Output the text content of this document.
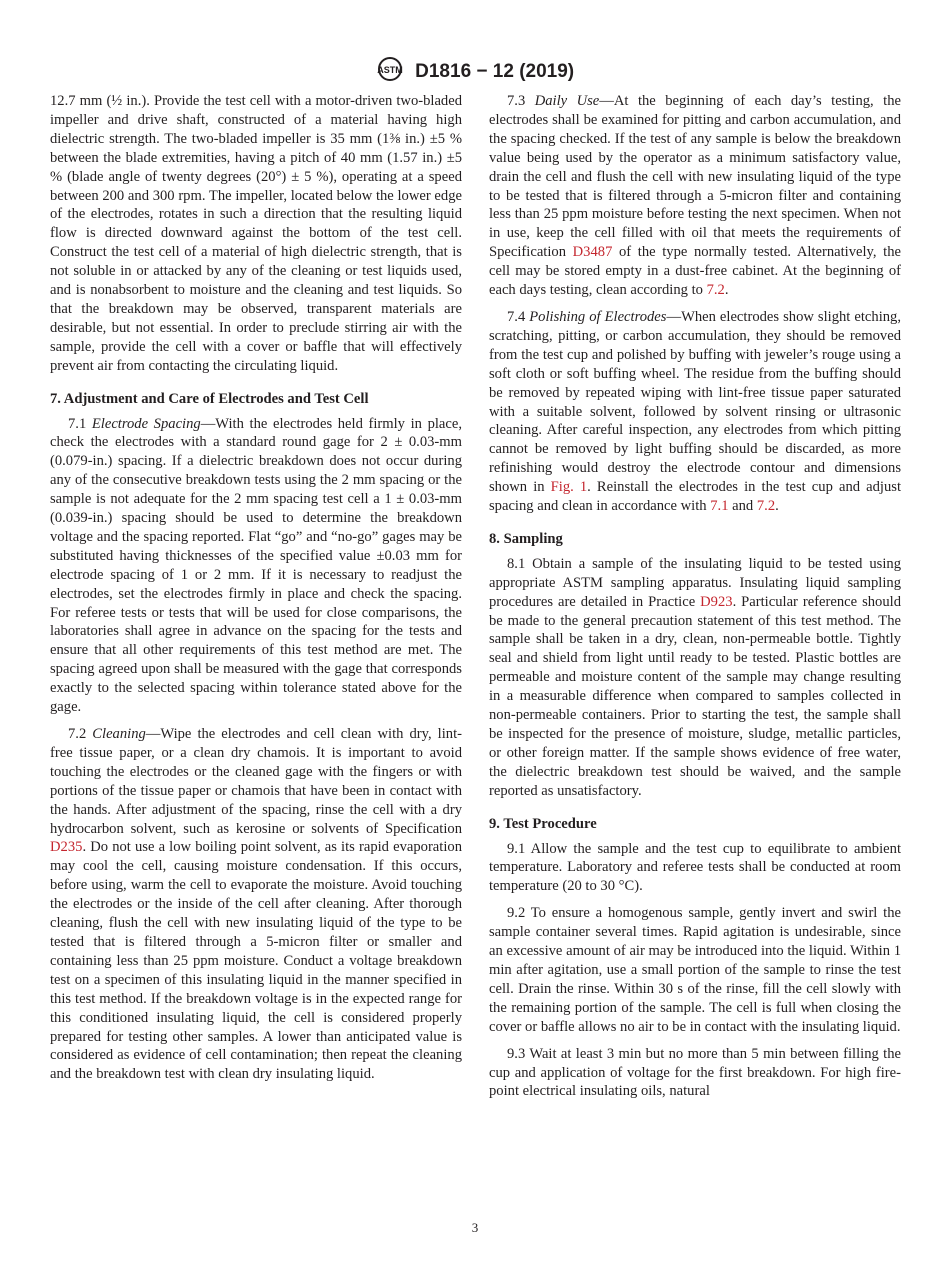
ASTM D1816 − 12 (2019)

12.7 mm (½ in.). Provide the test cell with a motor-driven two-bladed impeller and drive shaft, constructed of a material having high dielectric strength. The two-bladed impeller is 35 mm (1⅜ in.) ±5 % between the blade extremities, having a pitch of 40 mm (1.57 in.) ±5 % (blade angle of twenty degrees (20°) ± 5 %), operating at a speed between 200 and 300 rpm. The impeller, located below the lower edge of the electrodes, rotates in such a direction that the resulting liquid flow is directed downward against the bottom of the test cell. Construct the test cell of a material of high dielectric strength, that is not soluble in or attacked by any of the cleaning or test liquids used, and is nonabsorbent to moisture and the cleaning and test liquids. So that the breakdown may be observed, transparent materials are desirable, but not essential. In order to preclude stirring air with the sample, provide the cell with a cover or baffle that will effectively prevent air from contacting the circulating liquid.

7. Adjustment and Care of Electrodes and Test Cell

7.1 Electrode Spacing—With the electrodes held firmly in place, check the electrodes with a standard round gage for 2 ± 0.03-mm (0.079-in.) spacing. If a dielectric breakdown does not occur during any of the consecutive breakdown tests using the 2 mm spacing or the sample is not adequate for the 2 mm spacing test cell a 1 ± 0.03-mm (0.039-in.) spacing should be used to determine the breakdown voltage and the spacing reported. Flat “go” and “no-go” gages may be substituted having thicknesses of the specified value ±0.03 mm for electrode spacing of 1 or 2 mm. If it is necessary to readjust the electrodes, set the electrodes firmly in place and check the spacing. For referee tests or tests that will be used for close comparisons, the laboratories shall agree in advance on the spacing for the tests and ensure that all other requirements of this test method are met. The spacing agreed upon shall be measured with the gage that corresponds exactly to the selected spacing within tolerance stated above for the gage.

7.2 Cleaning—Wipe the electrodes and cell clean with dry, lint-free tissue paper, or a clean dry chamois. It is important to avoid touching the electrodes or the cleaned gage with the fingers or with portions of the tissue paper or chamois that have been in contact with the hands. After adjustment of the spacing, rinse the cell with a dry hydrocarbon solvent, such as kerosine or solvents of Specification D235. Do not use a low boiling point solvent, as its rapid evaporation may cool the cell, causing moisture condensation. If this occurs, before using, warm the cell to evaporate the moisture. Avoid touching the electrodes or the inside of the cell after cleaning. After thorough cleaning, flush the cell with new insulating liquid of the type to be tested that is filtered through a 5-micron filter or smaller and containing less than 25 ppm moisture. Conduct a voltage breakdown test on a specimen of this insulating liquid in the manner specified in this test method. If the breakdown voltage is in the expected range for this conditioned insulating liquid, the cell is considered properly prepared for testing other samples. A lower than anticipated value is considered as evidence of cell contamination; then repeat the cleaning and the breakdown test with clean dry insulating liquid.

7.3 Daily Use—At the beginning of each day’s testing, the electrodes shall be examined for pitting and carbon accumulation, and the spacing checked. If the test of any sample is below the breakdown value being used by the operator as a minimum satisfactory value, drain the cell and flush the cell with new insulating liquid of the type to be tested that is filtered through a 5-micron filter and containing less than 25 ppm moisture before testing the next specimen. When not in use, keep the cell filled with oil that meets the requirements of Specification D3487 of the type normally tested. Alternatively, the cell may be stored empty in a dust-free cabinet. At the beginning of each days testing, clean according to 7.2.

7.4 Polishing of Electrodes—When electrodes show slight etching, scratching, pitting, or carbon accumulation, they should be removed from the test cup and polished by buffing with jeweler’s rouge using a soft cloth or soft buffing wheel. The residue from the buffing should be removed by repeated wiping with lint-free tissue paper saturated with a suitable solvent, followed by solvent rinsing or ultrasonic cleaning. After careful inspection, any electrodes from which pitting cannot be removed by light buffing should be discarded, as more refinishing would destroy the electrode contour and dimensions shown in Fig. 1. Reinstall the electrodes in the test cup and adjust spacing and clean in accordance with 7.1 and 7.2.

8. Sampling

8.1 Obtain a sample of the insulating liquid to be tested using appropriate ASTM sampling apparatus. Insulating liquid sampling procedures are detailed in Practice D923. Particular reference should be made to the general precaution statement of this test method. The sample shall be taken in a dry, clean, non-permeable bottle. Tightly seal and shield from light until ready to be tested. Plastic bottles are permeable and moisture content of the sample may change resulting in a measurable difference when compared to samples collected in non-permeable containers. Prior to starting the test, the sample shall be inspected for the presence of moisture, sludge, metallic particles, or other foreign matter. If the sample shows evidence of free water, the dielectric breakdown test should be waived, and the sample reported as unsatisfactory.

9. Test Procedure

9.1 Allow the sample and the test cup to equilibrate to ambient temperature. Laboratory and referee tests shall be conducted at room temperature (20 to 30 °C).

9.2 To ensure a homogenous sample, gently invert and swirl the sample container several times. Rapid agitation is undesirable, since an excessive amount of air may be introduced into the liquid. Within 1 min after agitation, use a small portion of the sample to rinse the test cell. Drain the rinse. Within 30 s of the rinse, fill the cell slowly with the remaining portion of the sample. The cell is full when closing the cover or baffle allows no air to be in contact with the insulating liquid.

9.3 Wait at least 3 min but no more than 5 min between filling the cup and application of voltage for the first breakdown. For high fire-point electrical insulating oils, natural

3
